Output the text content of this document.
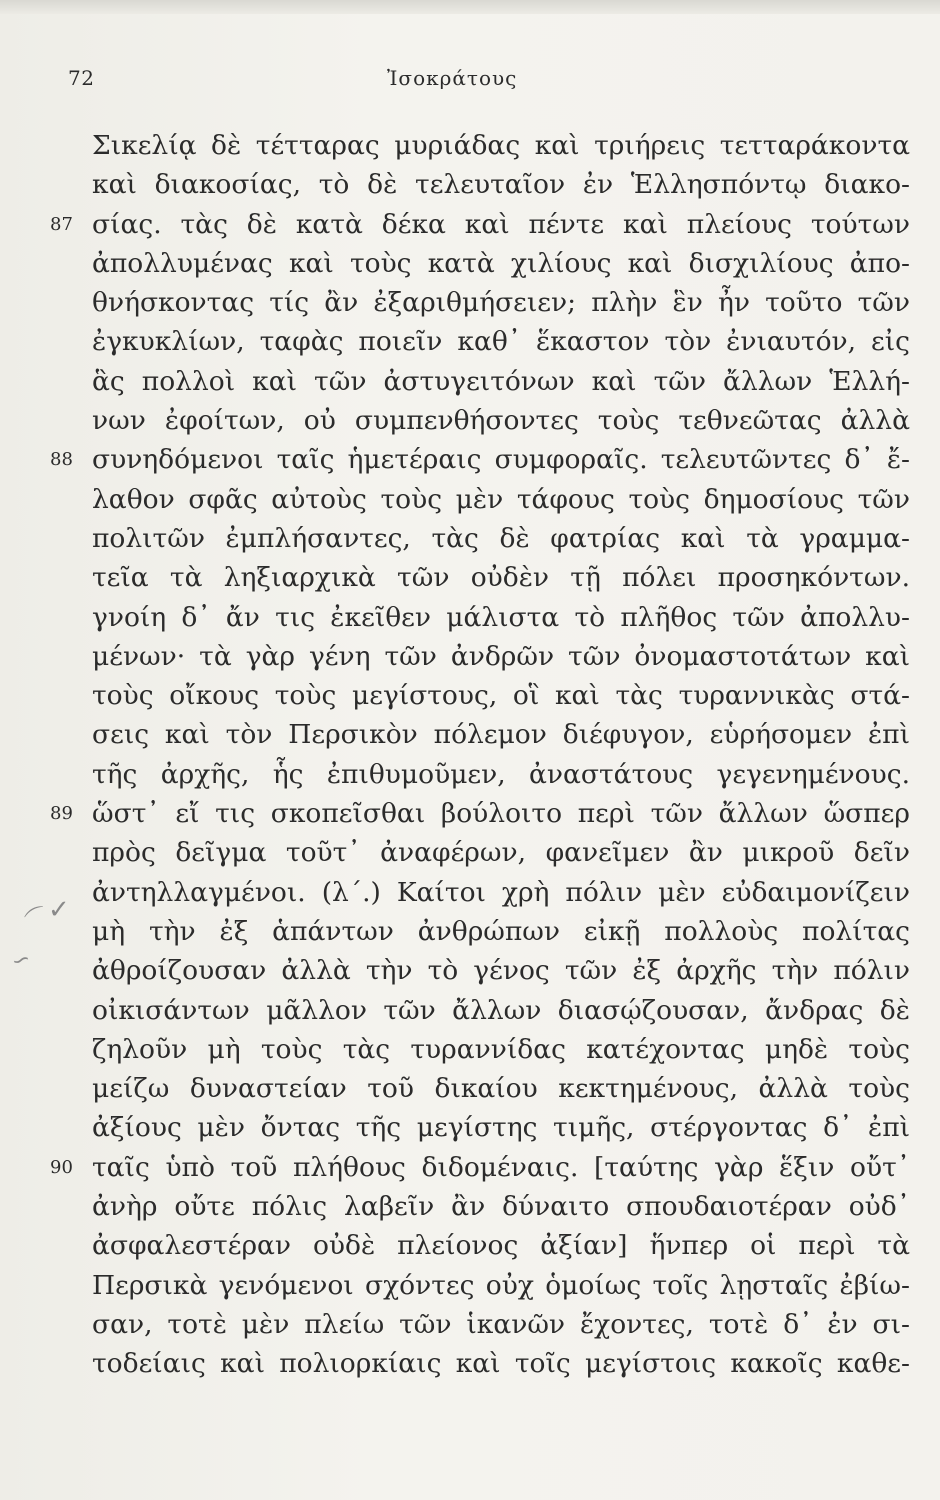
72	Ἰσοκράτους
Σικελίᾳ δὲ τέτταρας μυριάδας καὶ τριήρεις τετταράκοντα
καὶ διακοσίας, τὸ δὲ τελευταῖον ἐν Ἑλλησπόντῳ διακο-
σίας. τὰς δὲ κατὰ δέκα καὶ πέντε καὶ πλείους τούτων
87
ἀπολλυμένας καὶ τοὺς κατὰ χιλίους καὶ δισχιλίους ἀπο-
θνήσκοντας τίς ἂν ἐξαριθμήσειεν; πλὴν ἓν ἦν τοῦτο τῶν
ἐγκυκλίων, ταφὰς ποιεῖν καθ᾽ ἕκαστον τὸν ἐνιαυτόν, εἰς
ἃς πολλοὶ καὶ τῶν ἀστυγειτόνων καὶ τῶν ἄλλων Ἑλλή-
νων ἐφοίτων, οὐ συμπενθήσοντες τοὺς τεθνεῶτας ἀλλὰ
συνηδόμενοι ταῖς ἡμετέραις συμφοραῖς. τελευτῶντες δ᾽ ἔ-
88
λαθον σφᾶς αὐτοὺς τοὺς μὲν τάφους τοὺς δημοσίους τῶν
πολιτῶν ἐμπλήσαντες, τὰς δὲ φατρίας καὶ τὰ γραμμα-
τεῖα τὰ ληξιαρχικὰ τῶν οὐδὲν τῇ πόλει προσηκόντων.
γνοίη δ᾽ ἄν τις ἐκεῖθεν μάλιστα τὸ πλῆθος τῶν ἀπολλυ-
μένων· τὰ γὰρ γένη τῶν ἀνδρῶν τῶν ὀνομαστοτάτων καὶ
τοὺς οἴκους τοὺς μεγίστους, οἳ καὶ τὰς τυραννικὰς στά-
σεις καὶ τὸν Περσικὸν πόλεμον διέφυγον, εὑρήσομεν ἐπὶ
τῆς ἀρχῆς, ἧς ἐπιθυμοῦμεν, ἀναστάτους γεγενημένους.
ὥστ᾽ εἴ τις σκοπεῖσθαι βούλοιτο περὶ τῶν ἄλλων ὥσπερ
89
πρὸς δεῖγμα τοῦτ᾽ ἀναφέρων, φανεῖμεν ἂν μικροῦ δεῖν
ἀντηλλαγμένοι. (λ΄.) Καίτοι χρὴ πόλιν μὲν εὐδαιμονίζειν
μὴ τὴν ἐξ ἁπάντων ἀνθρώπων εἰκῇ πολλοὺς πολίτας
ἀθροίζουσαν ἀλλὰ τὴν τὸ γένος τῶν ἐξ ἀρχῆς τὴν πόλιν
οἰκισάντων μᾶλλον τῶν ἄλλων διασῴζουσαν, ἄνδρας δὲ
ζηλοῦν μὴ τοὺς τὰς τυραννίδας κατέχοντας μηδὲ τοὺς
μείζω δυναστείαν τοῦ δικαίου κεκτημένους, ἀλλὰ τοὺς
ἀξίους μὲν ὄντας τῆς μεγίστης τιμῆς, στέργοντας δ᾽ ἐπὶ
ταῖς ὑπὸ τοῦ πλήθους διδομέναις. [ταύτης γὰρ ἕξιν οὔτ᾽
90
ἀνὴρ οὔτε πόλις λαβεῖν ἂν δύναιτο σπουδαιοτέραν οὐδ᾽
ἀσφαλεστέραν οὐδὲ πλείονος ἀξίαν] ἥνπερ οἱ περὶ τὰ
Περσικὰ γενόμενοι σχόντες οὐχ ὁμοίως τοῖς λῃσταῖς ἐβίω-
σαν, τοτὲ μὲν πλείω τῶν ἱκανῶν ἔχοντες, τοτὲ δ᾽ ἐν σι-
τοδείαις καὶ πολιορκίαις καὶ τοῖς μεγίστοις κακοῖς καθε-
⌒
✓
∽
